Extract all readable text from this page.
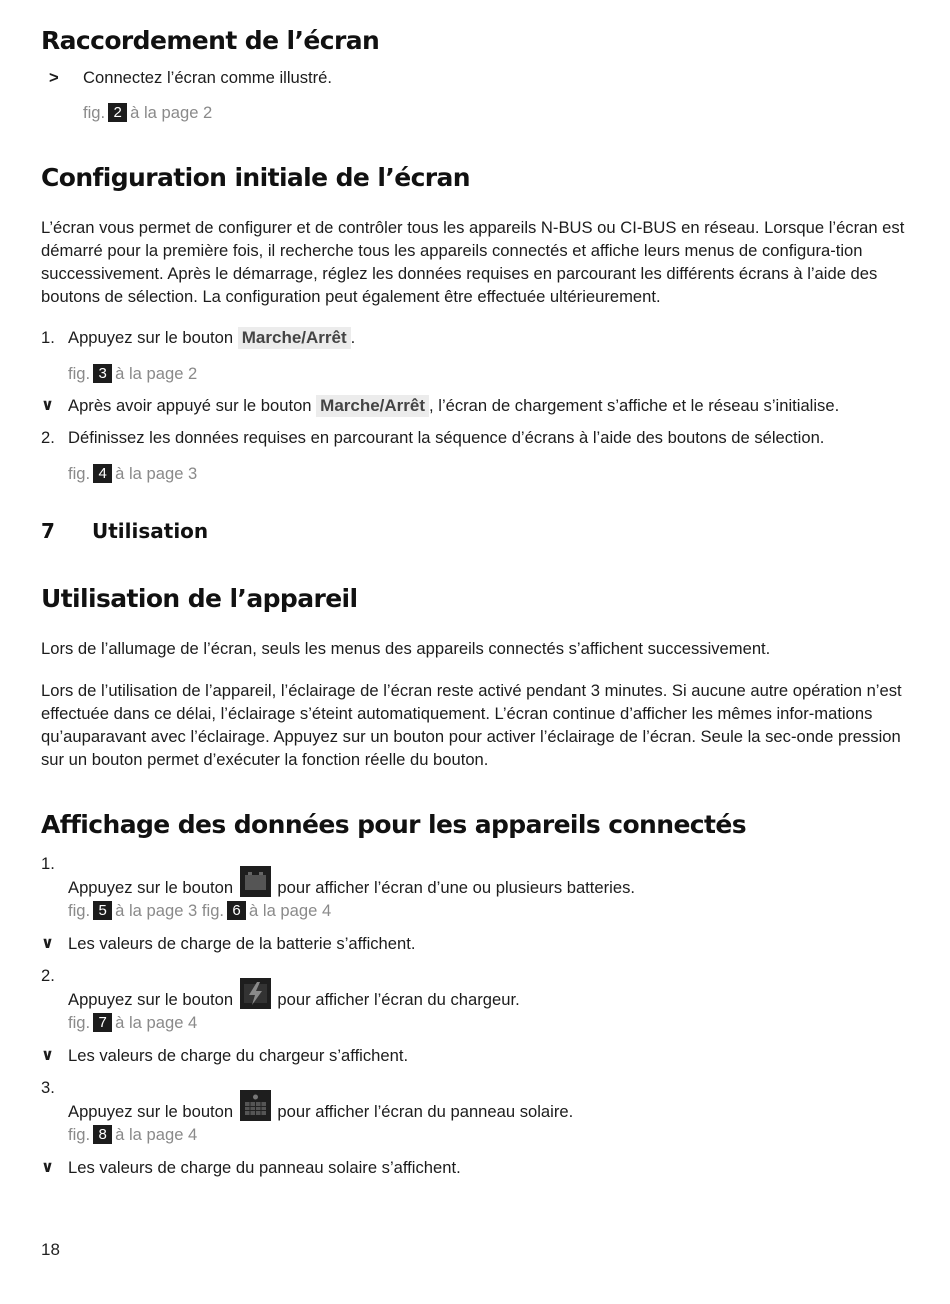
Raccordement de l’écran
>	Connectez l’écran comme illustré.
fig. 2 à la page 2
Configuration initiale de l’écran

L’écran vous permet de configurer et de contrôler tous les appareils N-BUS ou CI-BUS en réseau. Lorsque l’écran est démarré pour la première fois, il recherche tous les appareils connectés et affiche leurs menus de configura-tion successivement. Après le démarrage, réglez les données requises en parcourant les différents écrans à l’aide des boutons de sélection. La configuration peut également être effectuée ultérieurement.

1. Appuyez sur le bouton Marche/Arrêt .
fig. 3 à la page 2
∨ Après avoir appuyé sur le bouton Marche/Arrêt , l’écran de chargement s’affiche et le réseau s’initialise.
2. Définissez les données requises en parcourant la séquence d’écrans à l’aide des boutons de sélection.
fig. 4 à la page 3
7 Utilisation
Utilisation de l’appareil

Lors de l’allumage de l’écran, seuls les menus des appareils connectés s’affichent successivement.

Lors de l’utilisation de l’appareil, l’éclairage de l’écran reste activé pendant 3 minutes. Si aucune autre opération n’est effectuée dans ce délai, l’éclairage s’éteint automatiquement. L’écran continue d’afficher les mêmes infor-mations qu’auparavant avec l’éclairage. Appuyez sur un bouton pour activer l’éclairage de l’écran. Seule la sec-onde pression sur un bouton permet d’exécuter la fonction réelle du bouton.

Affichage des données pour les appareils connectés
1.
Appuyez sur le bouton	pour afficher l’écran d’une ou plusieurs batteries.
fig. 5 à la page 3 fig. 6 à la page 4
∨ Les valeurs de charge de la batterie s’affichent.
2.
Appuyez sur le bouton	pour afficher l’écran du chargeur.
fig. 7 à la page 4
∨ Les valeurs de charge du chargeur s’affichent.
3.
Appuyez sur le bouton	pour afficher l’écran du panneau solaire.
fig. 8 à la page 4
∨ Les valeurs de charge du panneau solaire s’affichent.
18
